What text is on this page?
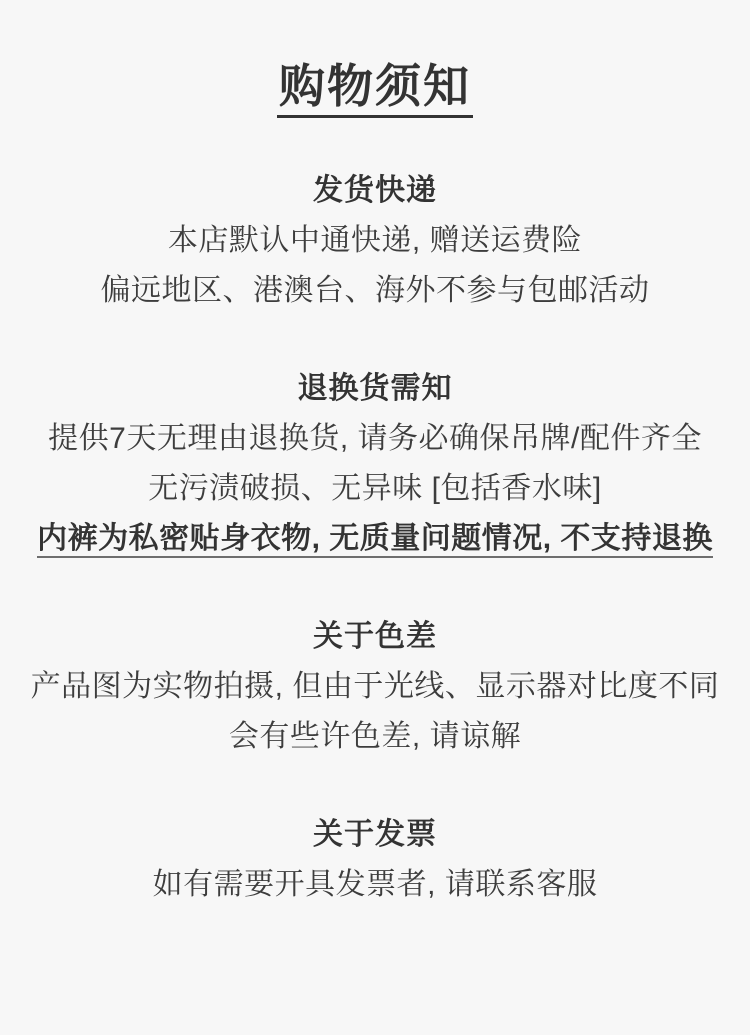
购物须知
发货快递

本店默认中通快递, 赠送运费险

偏远地区、港澳台、海外不参与包邮活动

退换货需知

提供7天无理由退换货, 请务必确保吊牌/配件齐全

无污渍破损、无异味 [包括香水味]

内裤为私密贴身衣物, 无质量问题情况, 不支持退换

关于色差

产品图为实物拍摄, 但由于光线、显示器对比度不同

会有些许色差, 请谅解

关于发票

如有需要开具发票者, 请联系客服
